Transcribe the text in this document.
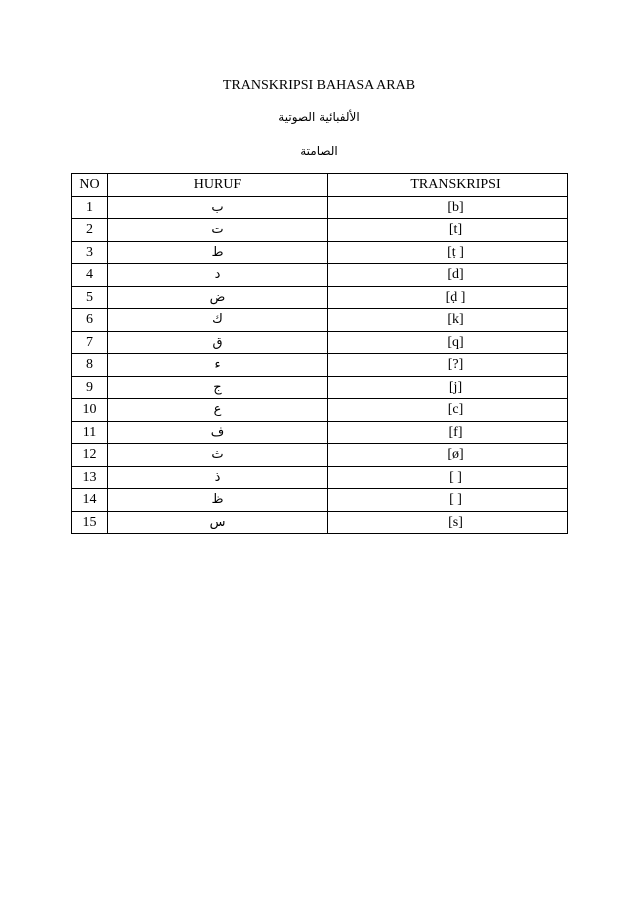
TRANSKRIPSI BAHASA ARAB
الألفبائية الصوتية
الصامتة
NO	HURUF	TRANSKRIPSI
1	ب	[b]
2	ت	[t]
3	ط	[ṭ ]
4	د	[d]
5	ض	[ḍ ]
6	ك	[k]
7	ق	[q]
8	ء	[?]
9	ج	[j]
10	ع	[c]
11	ف	[f]
12	ث	[ø]
13	ذ	[ ]
14	ظ	[ ]
15	س	[s]
